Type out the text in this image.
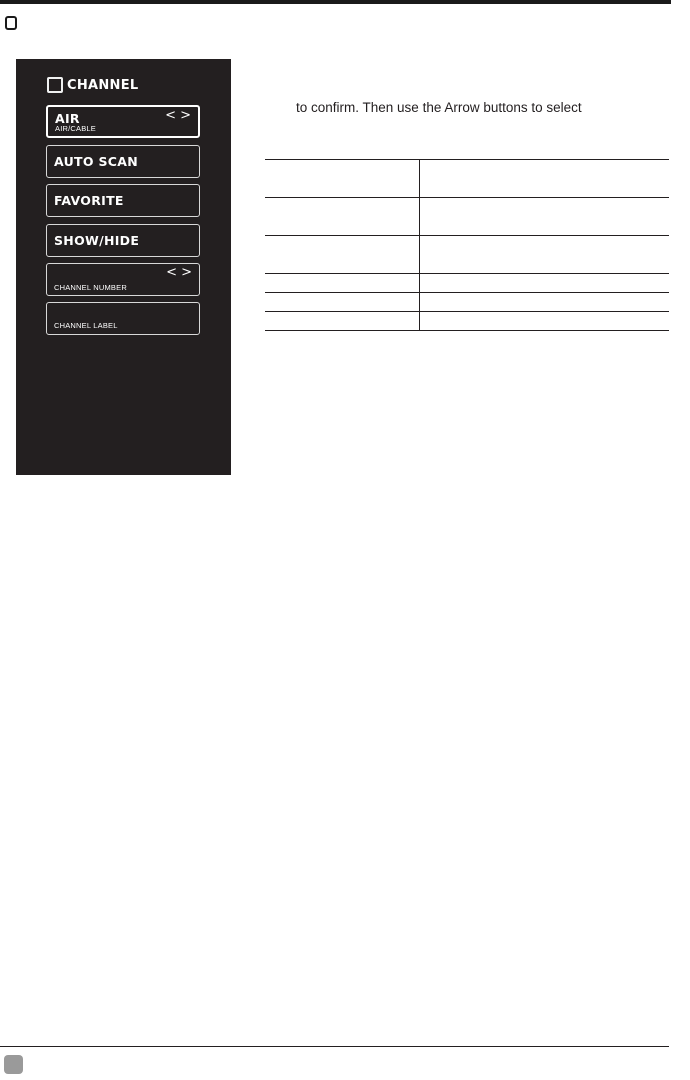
CHANNEL
AIR	< >
AIR/CABLE
AUTO SCAN
FAVORITE
SHOW/HIDE
< >
CHANNEL NUMBER
CHANNEL LABEL
to confirm. Then use the Arrow buttons to select
